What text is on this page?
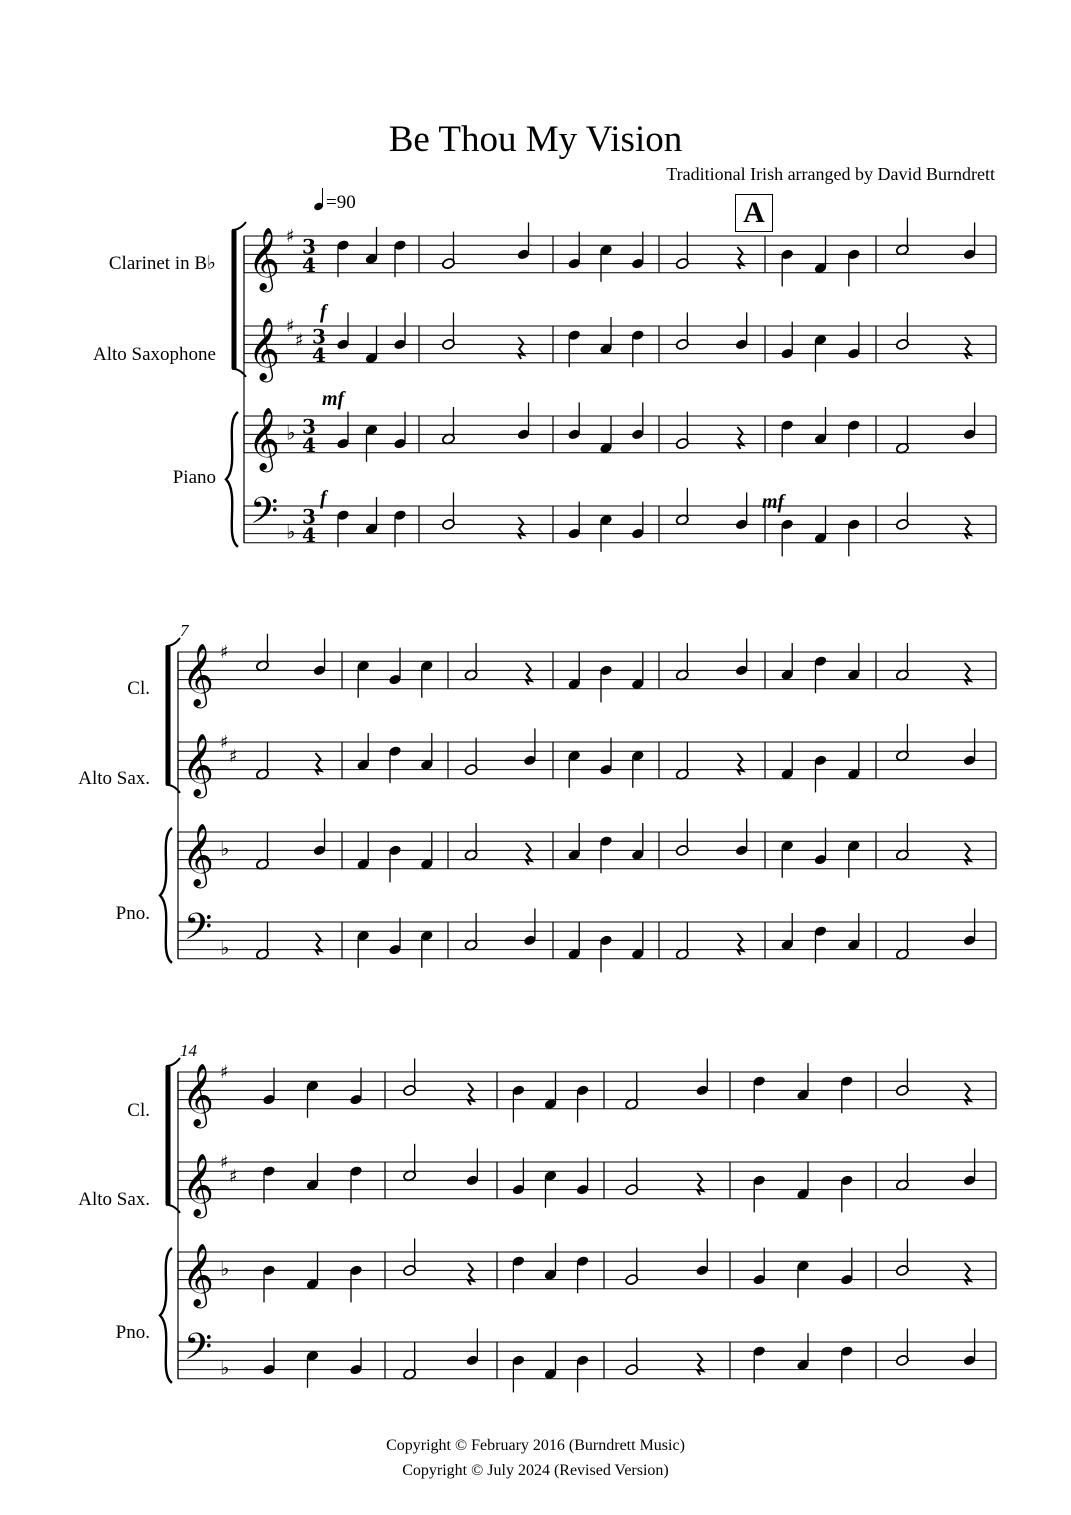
Be Thou My Vision
Traditional Irish arranged by David Burndrett
=90	A
𝄞 ♯ 3
4
𝄞 ♯
♯ 3
4
𝄞 ♭ 3
4
𝄢 ♭
3
4
Clarinet in B♭
Alto Saxophone
Piano
𝄞 ♯
𝄞 ♯
♯
𝄞 ♭
𝄢 ♭
Cl.
Alto Sax.
Pno.
7
𝄞 ♯
𝄞 ♯
♯
𝄞 ♭
𝄢 ♭
Cl.
Alto Sax.
Pno.
14
f
mf
f	mf
Copyright © February 2016 (Burndrett Music)
Copyright © July 2024 (Revised Version)
